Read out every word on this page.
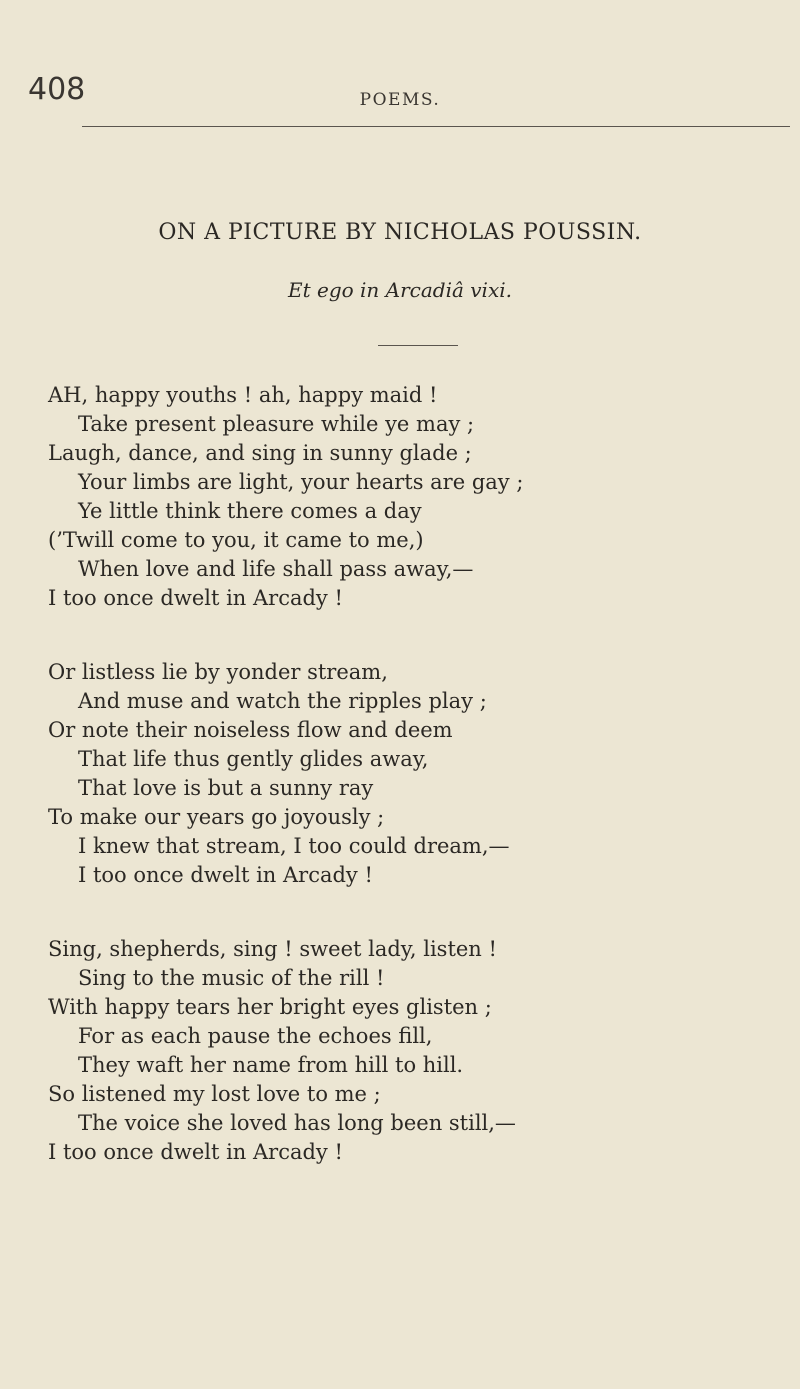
408	POEMS.
ON A PICTURE BY NICHOLAS POUSSIN.
Et ego in Arcadiâ vixi.
AH, happy youths ! ah, happy maid !
Take present pleasure while ye may ;
Laugh, dance, and sing in sunny glade ;
Your limbs are light, your hearts are gay ;
Ye little think there comes a day
(’Twill come to you, it came to me,)
When love and life shall pass away,—
I too once dwelt in Arcady !
Or listless lie by yonder stream,
And muse and watch the ripples play ;
Or note their noiseless flow and deem
That life thus gently glides away,
That love is but a sunny ray
To make our years go joyously ;
I knew that stream, I too could dream,—
I too once dwelt in Arcady !
Sing, shepherds, sing ! sweet lady, listen !
Sing to the music of the rill !
With happy tears her bright eyes glisten ;
For as each pause the echoes fill,
They waft her name from hill to hill.
So listened my lost love to me ;
The voice she loved has long been still,—
I too once dwelt in Arcady !
